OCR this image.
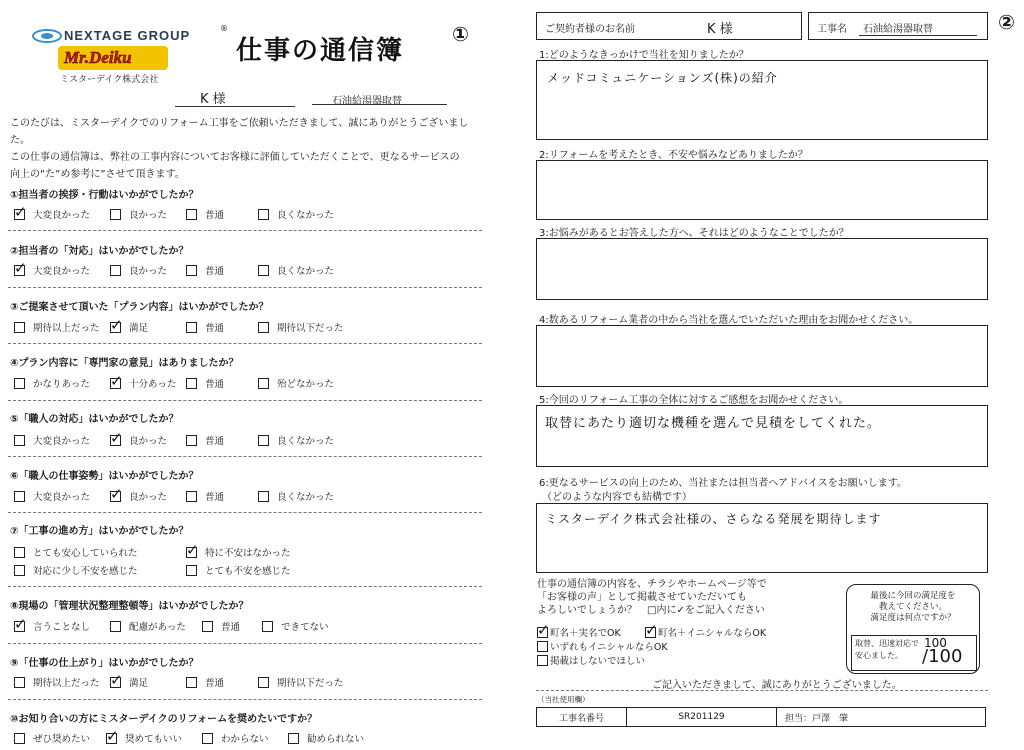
NEXTAGE GROUP	®
Mr.Deiku
ミスターデイク株式会社
仕事の通信簿
①
K 様	石油給湯器取替
このたびは、ミスターデイクでのリフォーム工事をご依頼いただきまして、誠にありがとうございました。
この仕事の通信簿は、弊社の工事内容についてお客様に評価していただくことで、更なるサービスの
向上の“た”め参考に”させて頂きます。
①担当者の挨拶・行動はいかがでしたか？
✓ 大変良かった	良かった	普通	良くなかった
②担当者の「対応」はいかがでしたか？
✓ 大変良かった	良かった	普通	良くなかった
③ご提案させて頂いた「プラン内容」はいかがでしたか？
期待以上だった ✓ 満足	普通	期待以下だった
④プラン内容に「専門家の意見」はありましたか？
かなりあった ✓ 十分あった	普通	殆どなかった
⑤「職人の対応」はいかがでしたか？
大変良かった ✓ 良かった	普通	良くなかった
⑥「職人の仕事姿勢」はいかがでしたか？
大変良かった ✓ 良かった	普通	良くなかった
⑦「工事の進め方」はいかがでしたか？
とても安心していられた	✓ 特に不安はなかった
対応に少し不安を感じた	とても不安を感じた
⑧現場の「管理状況整理整頓等」はいかがでしたか？
✓ 言うことなし	配慮があった	普通	できてない
⑨「仕事の仕上がり」はいかがでしたか？
期待以上だった ✓ 満足	普通	期待以下だった
⑩お知り合いの方にミスターデイクのリフォームを奨めたいですか？
ぜひ奨めたい ✓ 奨めてもいい	わからない	勧められない
②
ご契約者様のお名前	K 様	工事名 石油給湯器取替
1:どのようなきっかけで当社を知りましたか？
メッドコミュニケーションズ(株)の紹介
2:リフォームを考えたとき、不安や悩みなどありましたか？
3:お悩みがあるとお答えした方へ、それはどのようなことでしたか？
4:数あるリフォーム業者の中から当社を選んでいただいた理由をお聞かせください。
5:今回のリフォーム工事の全体に対するご感想をお聞かせください。
取替にあたり適切な機種を選んで見積をしてくれた。
6:更なるサービスの向上のため、当社または担当者へアドバイスをお願いします。
（どのような内容でも結構です）
ミスターデイク株式会社様の、さらなる発展を期待します
仕事の通信簿の内容を、チラシやホームページ等で
「お客様の声」として掲載させていただいても
よろしいでしょうか？　□内に✓をご記入ください
✓ 町名＋実名でOK ✓ 町名＋イニシャルならOK
いずれもイニシャルならOK
掲載はしないでほしい
最後に今回の満足度を
教えてください。
満足度は何点ですか？
取替、迅速対応で安心ました。
100
/100
ご記入いただきまして、誠にありがとうございました。
（当社使用欄）
工事名番号	SR201129	担当： 戸澤　肇
